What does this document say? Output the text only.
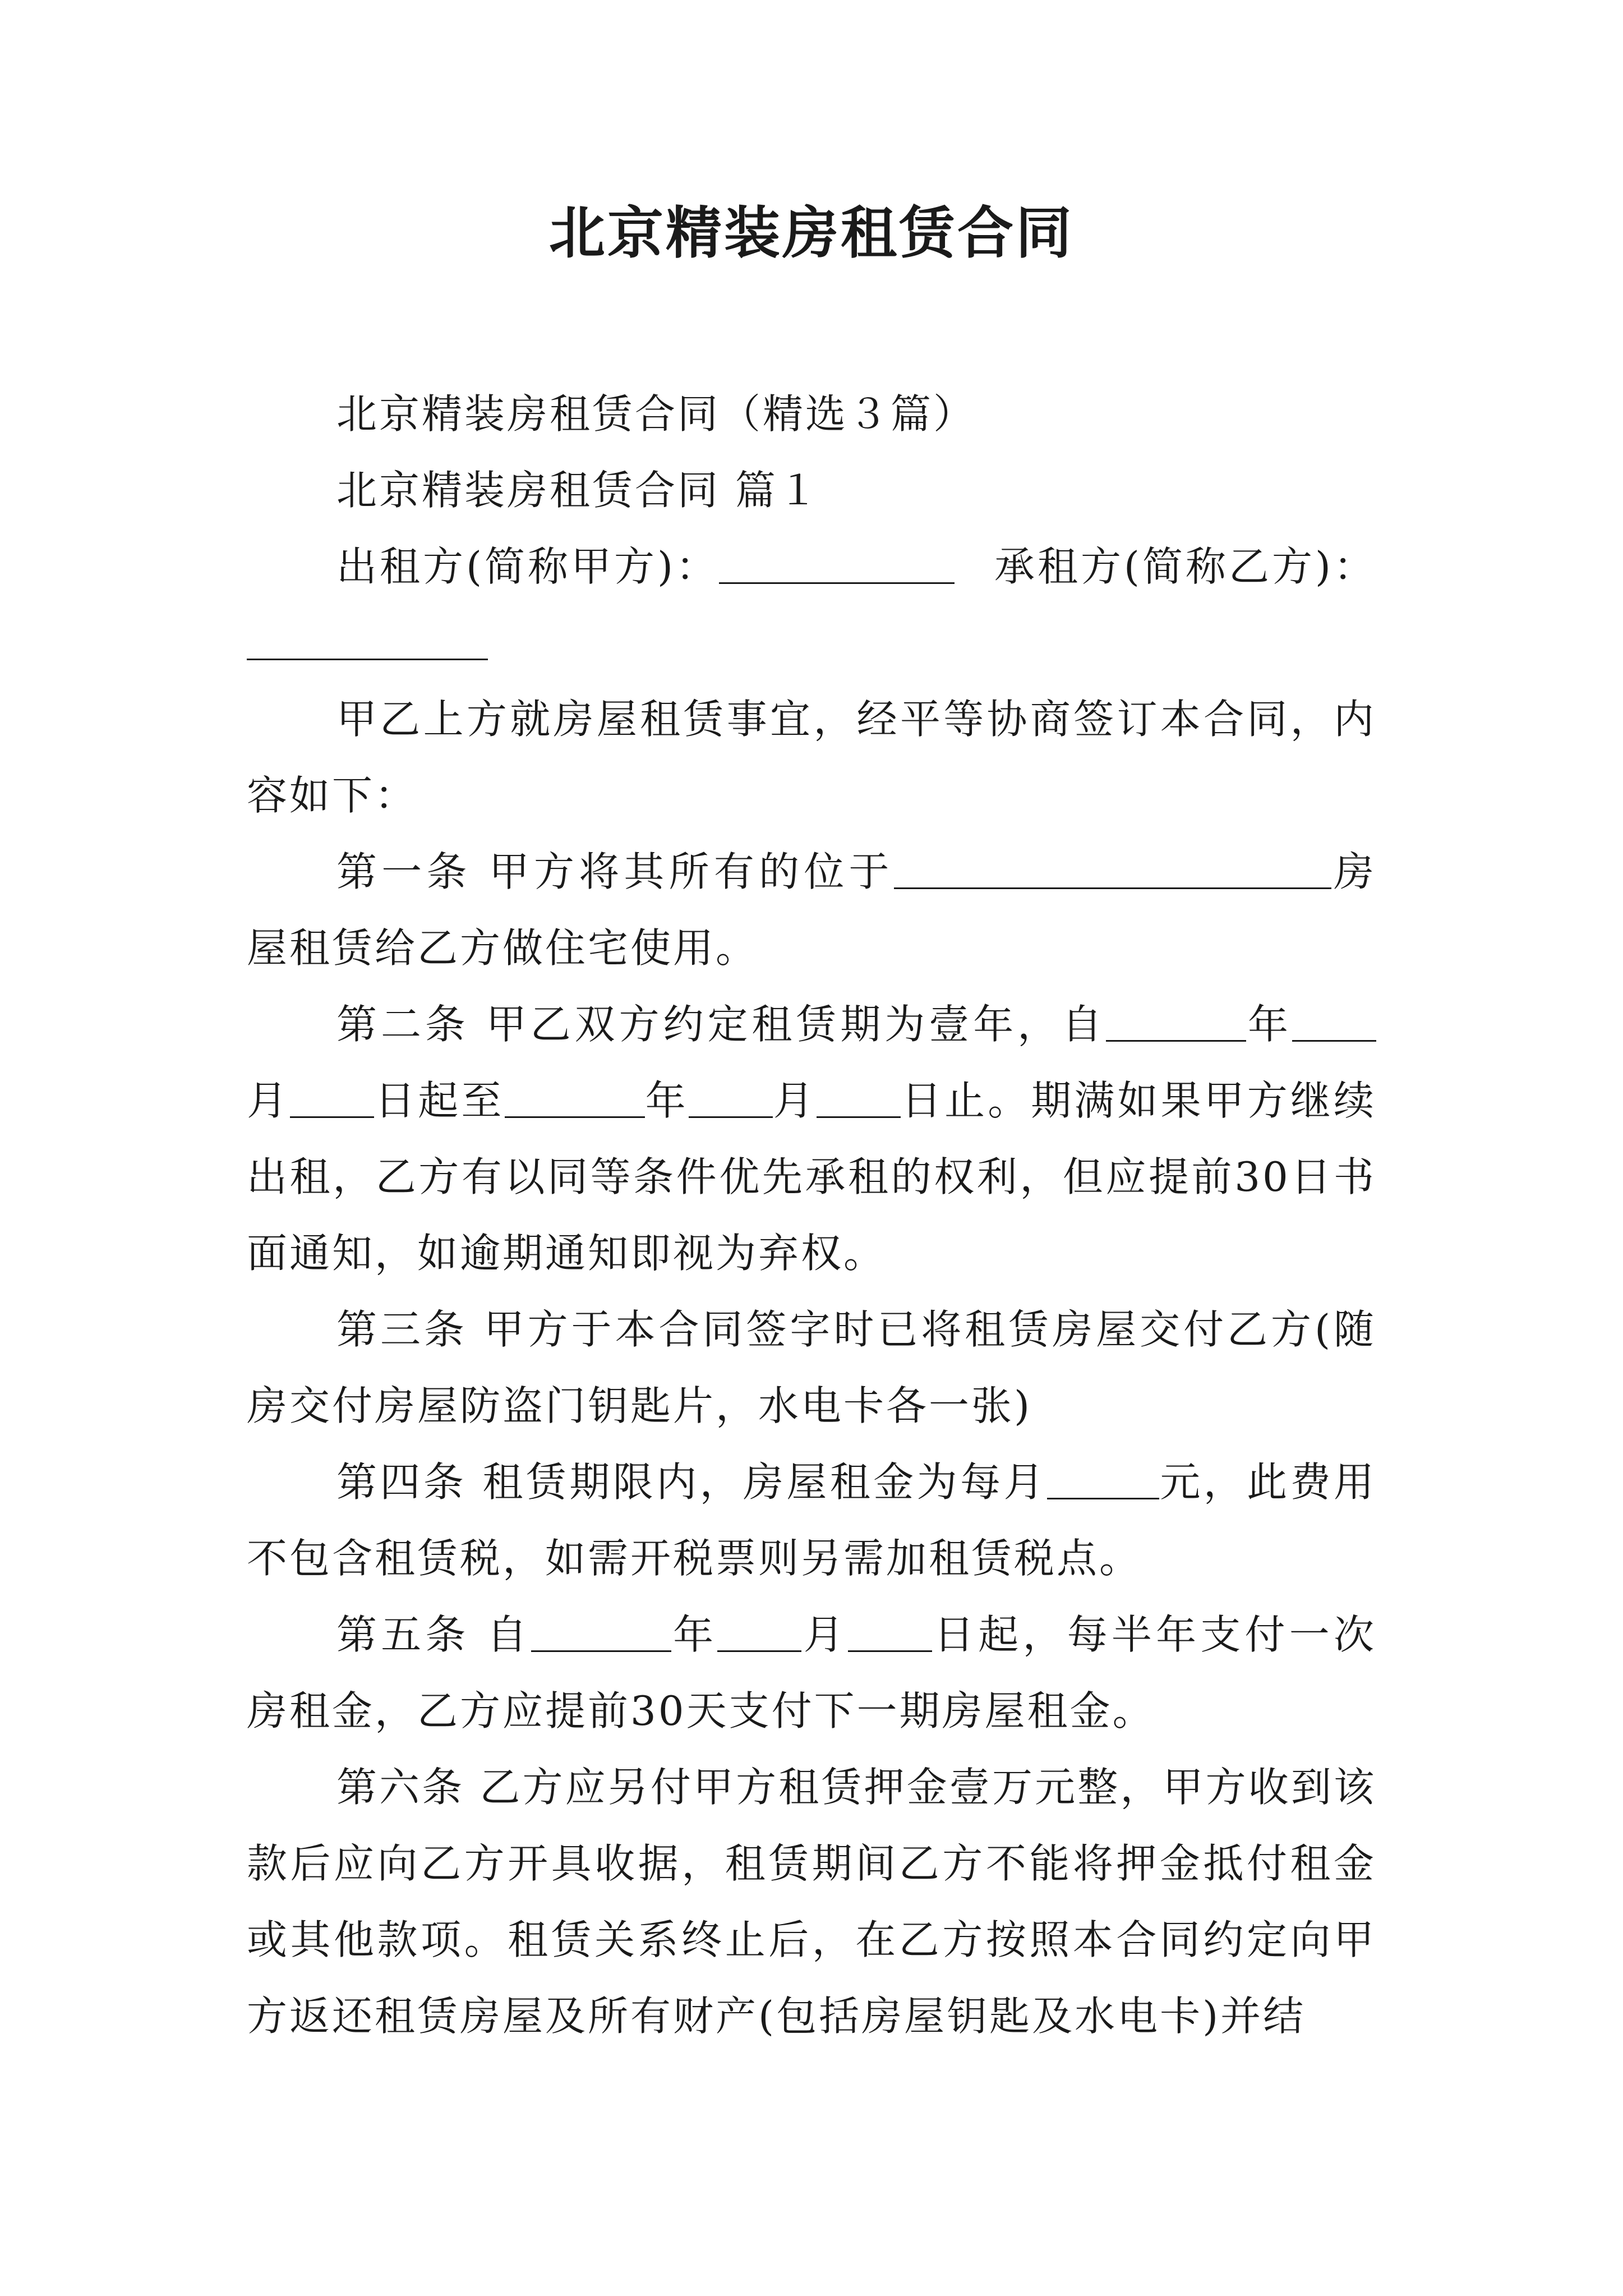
北京精装房租赁合同

北京精装房租赁合同（精选３篇）

北京精装房租赁合同 篇１

出租方(简称甲方)：	承租方(简称乙方)：

甲乙上方就房屋租赁事宜，经平等协商签订本合同，内容如下：

第一条 甲方将其所有的位于	房屋租赁给乙方做住宅使用。

第二条 甲乙双方约定租赁期为壹年，自	年月 日起至	年 月 日止。期满如果甲方继续出租，乙方有以同等条件优先承租的权利，但应提前30日书面通知，如逾期通知即视为弃权。

第三条 甲方于本合同签字时已将租赁房屋交付乙方(随房交付房屋防盗门钥匙片，水电卡各一张)

第四条 租赁期限内，房屋租金为每月	元，此费用不包含租赁税，如需开税票则另需加租赁税点。

第五条 自	年 月 日起，每半年支付一次房租金，乙方应提前30天支付下一期房屋租金。

第六条 乙方应另付甲方租赁押金壹万元整，甲方收到该款后应向乙方开具收据，租赁期间乙方不能将押金抵付租金或其他款项。租赁关系终止后，在乙方按照本合同约定向甲方返还租赁房屋及所有财产(包括房屋钥匙及水电卡)并结
